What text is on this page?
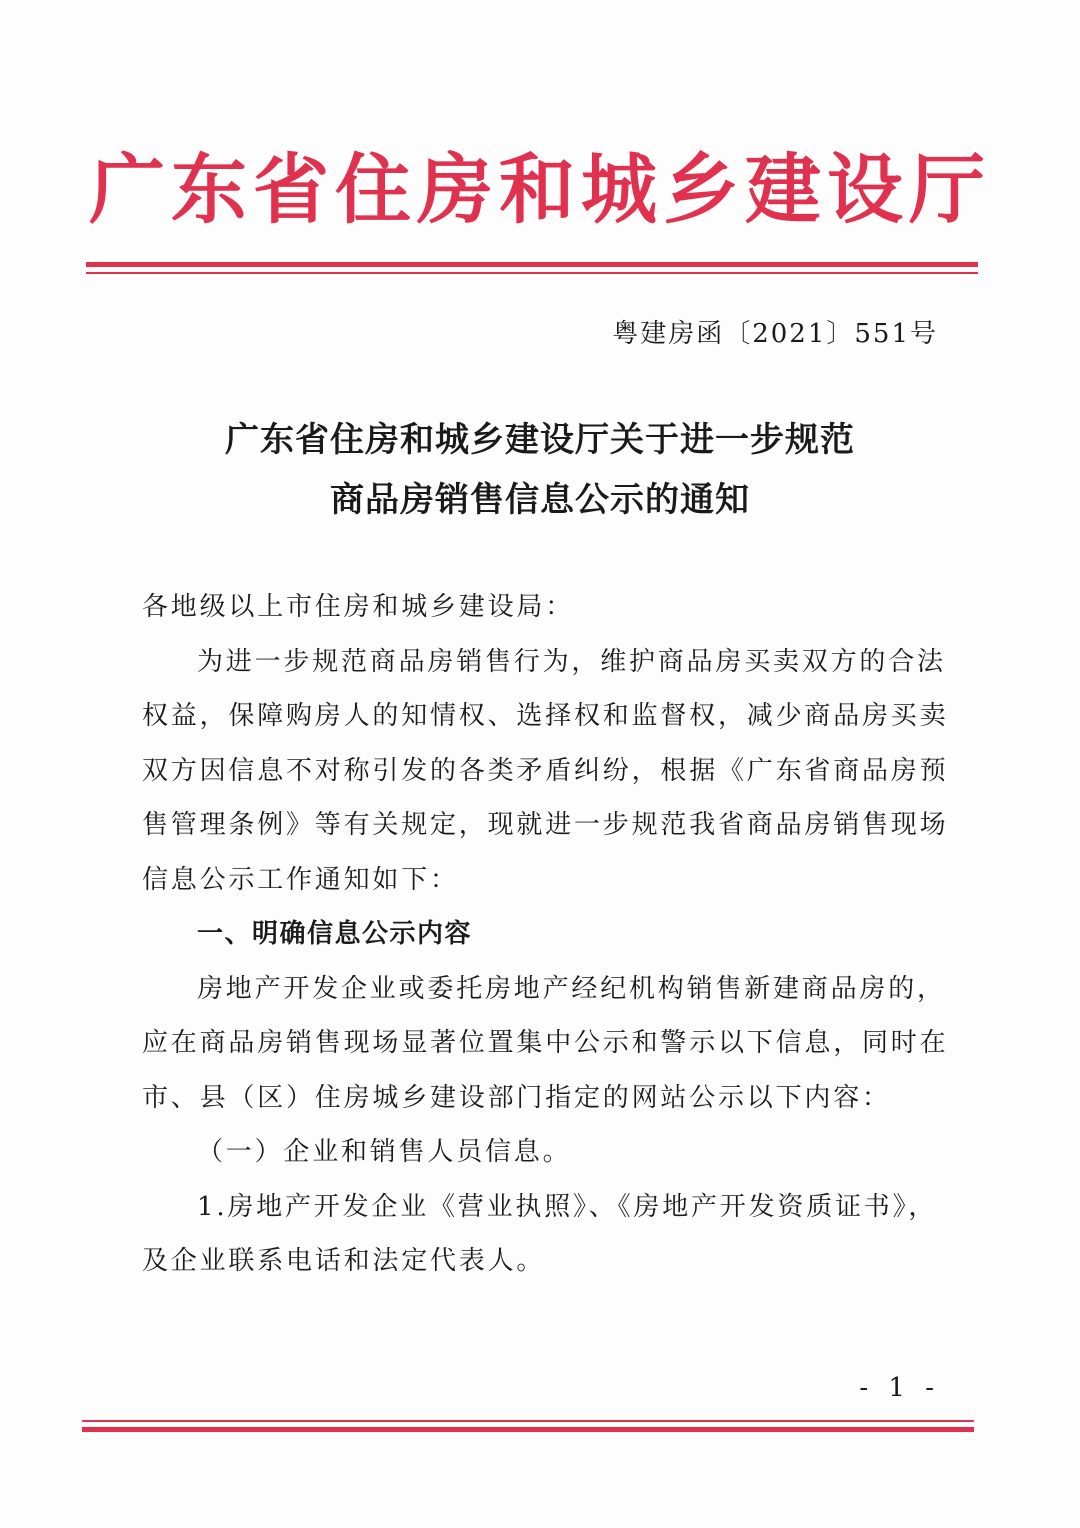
广东省住房和城乡建设厅
粤建房函〔2021〕551号
广东省住房和城乡建设厅关于进一步规范
商品房销售信息公示的通知
各地级以上市住房和城乡建设局：
为进一步规范商品房销售行为，维护商品房买卖双方的合法
权益，保障购房人的知情权、选择权和监督权，减少商品房买卖
双方因信息不对称引发的各类矛盾纠纷，根据《广东省商品房预
售管理条例》等有关规定，现就进一步规范我省商品房销售现场
信息公示工作通知如下：
一、明确信息公示内容
房地产开发企业或委托房地产经纪机构销售新建商品房的，
应在商品房销售现场显著位置集中公示和警示以下信息，同时在
市、县（区）住房城乡建设部门指定的网站公示以下内容：
（一）企业和销售人员信息。
1.房地产开发企业《营业执照》、《房地产开发资质证书》，
及企业联系电话和法定代表人。
- 1 -
